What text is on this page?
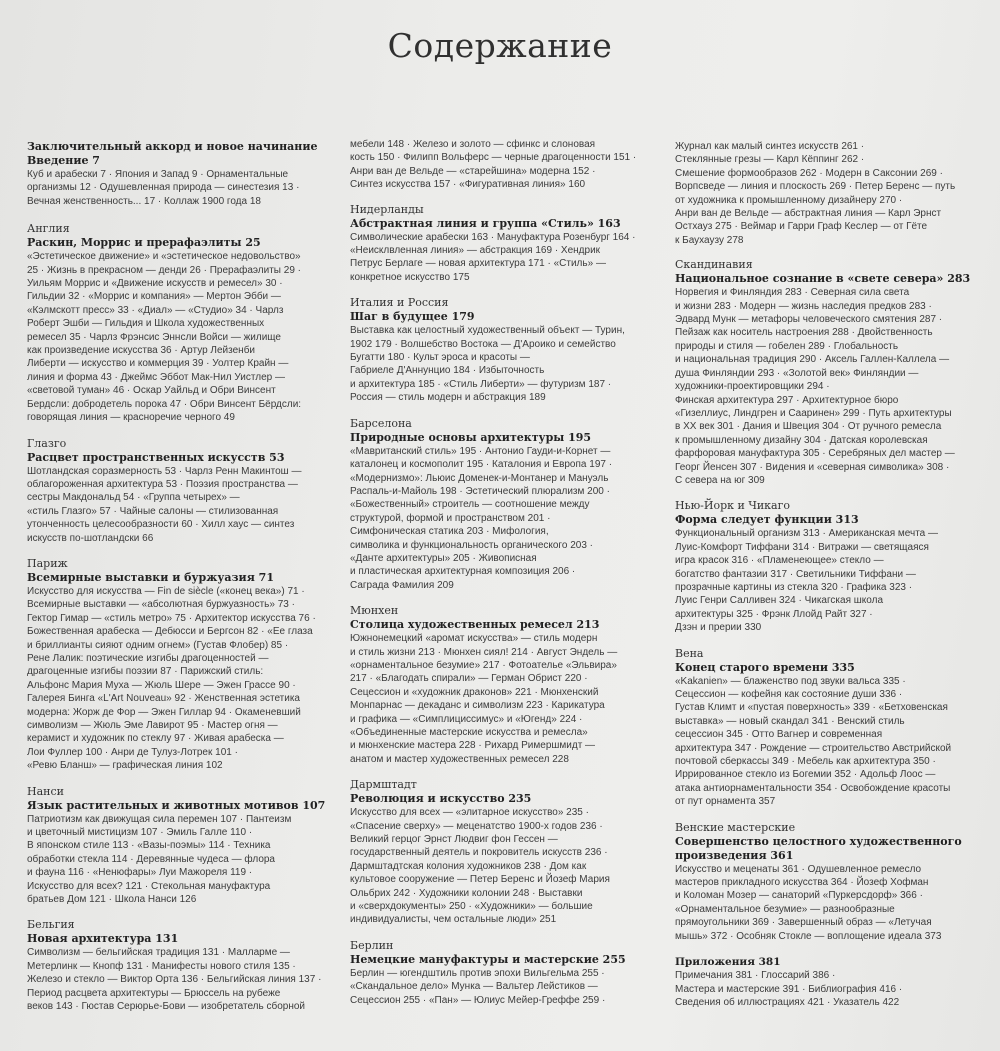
Содержание
Заключительный аккорд и новое начинание
Введение 7
Куб и арабески 7 · Япония и Запад 9 · Орнаментальные
организмы 12 · Одушевленная природа — синестезия 13 ·
Вечная женственность... 17 · Коллаж 1900 года 18
Англия
Раскин, Моррис и прерафаэлиты 25
«Эстетическое движение» и «эстетическое недовольство»
25 · Жизнь в прекрасном — денди 26 · Прерафаэлиты 29 ·
Уильям Моррис и «Движение искусств и ремесел» 30 ·
Гильдии 32 · «Моррис и компания» — Мертон Эбби —
«Кэлмскотт пресс» 33 · «Диал» — «Студио» 34 · Чарлз
Роберт Эшби — Гильдия и Школа художественных
ремесел 35 · Чарлз Фрэнсис Эннсли Войси — жилище
как произведение искусства 36 · Артур Лейзенби
Либерти — искусство и коммерция 39 · Уолтер Крайн —
линия и форма 43 · Джеймс Эббот Мак-Нил Уистлер —
«световой туман» 46 · Оскар Уайльд и Обри Винсент
Бердсли: добродетель порока 47 · Обри Винсент Бёрдсли:
говорящая линия — красноречие черного 49
Глазго
Расцвет пространственных искусств 53
Шотландская соразмерность 53 · Чарлз Ренн Макинтош —
облагороженная архитектура 53 · Поэзия пространства —
сестры Макдональд 54 · «Группа четырех» —
«стиль Глазго» 57 · Чайные салоны — стилизованная
утонченность целесообразности 60 · Хилл хаус — синтез
искусств по-шотландски 66
Париж
Всемирные выставки и буржуазия 71
Искусство для искусства — Fin de siècle («конец века») 71 ·
Всемирные выставки — «абсолютная буржуазность» 73 ·
Гектор Гимар — «стиль метро» 75 · Архитектор искусства 76 ·
Божественная арабеска — Дебюсси и Бергсон 82 · «Ее глаза
и бриллианты сияют одним огнем» (Густав Флобер) 85 ·
Рене Лалик: поэтические изгибы драгоценностей —
драгоценные изгибы поэзии 87 · Парижский стиль:
Альфонс Мария Муха — Жюль Шере — Эжен Грассе 90 ·
Галерея Бинга «L'Art Nouveau» 92 · Женственная эстетика
модерна: Жорж де Фор — Эжен Гиллар 94 · Окаменевший
символизм — Жюль Эме Лавирот 95 · Мастер огня —
керамист и художник по стеклу 97 · Живая арабеска —
Лои Фуллер 100 · Анри де Тулуз-Лотрек 101 ·
«Ревю Бланш» — графическая линия 102
Нанси
Язык растительных и животных мотивов 107
Патриотизм как движущая сила перемен 107 · Пантеизм
и цветочный мистицизм 107 · Эмиль Галле 110 ·
В японском стиле 113 · «Вазы-поэмы» 114 · Техника
обработки стекла 114 · Деревянные чудеса — флора
и фауна 116 · «Ненюфары» Луи Мажореля 119 ·
Искусство для всех? 121 · Стекольная мануфактура
братьев Дом 121 · Школа Нанси 126
Бельгия
Новая архитектура 131
Символизм — бельгийская традиция 131 · Малларме —
Метерлинк — Кнопф 131 · Манифесты нового стиля 135 ·
Железо и стекло — Виктор Орта 136 · Бельгийская линия 137 ·
Период расцвета архитектуры — Брюссель на рубеже
веков 143 · Гюстав Серюрье-Бови — изобретатель сборной
мебели 148 · Железо и золото — сфинкс и слоновая
кость 150 · Филипп Вольферс — черные драгоценности 151 ·
Анри ван де Вельде — «старейшина» модерна 152 ·
Синтез искусства 157 · «Фигуративная линия» 160
Нидерланды
Абстрактная линия и группа «Стиль» 163
Символические арабески 163 · Мануфактура Розенбург 164 ·
«Неисклвленная линия» — абстракция 169 · Хендрик
Петрус Берлаге — новая архитектура 171 · «Стиль» —
конкретное искусство 175
Италия и Россия
Шаг в будущее 179
Выставка как целостный художественный объект — Турин,
1902 179 · Волшебство Востока — Д'Ароико и семейство
Бугатти 180 · Культ эроса и красоты —
Габриеле Д'Аннунцио 184 · Избыточность
и архитектура 185 · «Стиль Либерти» — футуризм 187 ·
Россия — стиль модерн и абстракция 189
Барселона
Природные основы архитектуры 195
«Мавританский стиль» 195 · Антонио Гауди-и-Корнет —
каталонец и космополит 195 · Каталония и Европа 197 ·
«Модернизмо»: Льюис Доменек-и-Монтанер и Мануэль
Распаль-и-Майоль 198 · Эстетический плюрализм 200 ·
«Божественный» строитель — соотношение между
структурой, формой и пространством 201 ·
Симфоническая статика 203 · Мифология,
символика и функциональность органического 203 ·
«Данте архитектуры» 205 · Живописная
и пластическая архитектурная композиция 206 ·
Саграда Фамилия 209
Мюнхен
Столица художественных ремесел 213
Южнонемецкий «аромат искусства» — стиль модерн
и стиль жизни 213 · Мюнхен сиял! 214 · Август Эндель —
«орнаментальное безумие» 217 · Фотоателье «Эльвира»
217 · «Благодать спирали» — Герман Обрист 220 ·
Сецессион и «художник драконов» 221 · Мюнхенский
Монпарнас — декаданс и символизм 223 · Карикатура
и графика — «Симплициссимус» и «Югенд» 224 ·
«Объединенные мастерские искусства и ремесла»
и мюнхенские мастера 228 · Рихард Римершмидт —
анатом и мастер художественных ремесел 228
Дармштадт
Революция и искусство 235
Искусство для всех — «элитарное искусство» 235 ·
«Спасение сверху» — меценатство 1900-х годов 236 ·
Великий герцог Эрнст Людвиг фон Гессен —
государственный деятель и покровитель искусств 236 ·
Дармштадтская колония художников 238 · Дом как
культовое сооружение — Петер Беренс и Йозеф Мария
Ольбрих 242 · Художники колонии 248 · Выставки
и «сверхдокументы» 250 · «Художники» — большие
индивидуалисты, чем остальные люди» 251
Берлин
Немецкие мануфактуры и мастерские 255
Берлин — югендштиль против эпохи Вильгельма 255 ·
«Скандальное дело» Мунка — Вальтер Лейстиков —
Сецессион 255 · «Пан» — Юлиус Мейер-Греффе 259 ·
Журнал как малый синтез искусств 261 ·
Стеклянные грезы — Карл Кёппинг 262 ·
Смешение формообразов 262 · Модерн в Саксонии 269 ·
Ворпсведе — линия и плоскость 269 · Петер Беренс — путь
от художника к промышленному дизайнеру 270 ·
Анри ван де Вельде — абстрактная линия — Карл Эрнст
Остхауз 275 · Веймар и Гарри Граф Кеслер — от Гёте
к Баухаузу 278
Скандинавия
Национальное сознание в «свете севера» 283
Норвегия и Финляндия 283 · Северная сила света
и жизни 283 · Модерн — жизнь наследия предков 283 ·
Эдвард Мунк — метафоры человеческого смятения 287 ·
Пейзаж как носитель настроения 288 · Двойственность
природы и стиля — гобелен 289 · Глобальность
и национальная традиция 290 · Аксель Галлен-Каллела —
душа Финляндии 293 · «Золотой век» Финляндии —
художники-проектировщики 294 ·
Финская архитектура 297 · Архитектурное бюро
«Гизеллиус, Линдгрен и Сааринен» 299 · Путь архитектуры
в XX век 301 · Дания и Швеция 304 · От ручного ремесла
к промышленному дизайну 304 · Датская королевская
фарфоровая мануфактура 305 · Серебряных дел мастер —
Георг Йенсен 307 · Видения и «северная символика» 308 ·
С севера на юг 309
Нью-Йорк и Чикаго
Форма следует функции 313
Функциональный организм 313 · Американская мечта —
Луис-Комфорт Тиффани 314 · Витражи — светящаяся
игра красок 316 · «Пламенеющее» стекло —
богатство фантазии 317 · Светильники Тиффани —
прозрачные картины из стекла 320 · Графика 323 ·
Луис Генри Салливен 324 · Чикагская школа
архитектуры 325 · Фрэнк Ллойд Райт 327 ·
Дзэн и прерии 330
Вена
Конец старого времени 335
«Kakanien» — блаженство под звуки вальса 335 ·
Сецессион — кофейня как состояние души 336 ·
Густав Климт и «пустая поверхность» 339 · «Бетховенская
выставка» — новый скандал 341 · Венский стиль
сецессион 345 · Отто Вагнер и современная
архитектура 347 · Рождение — строительство Австрийской
почтовой сберкассы 349 · Мебель как архитектура 350 ·
Иррированное стекло из Богемии 352 · Адольф Лоос —
атака антиорнаментальности 354 · Освобождение красоты
от пут орнамента 357
Венские мастерские
Совершенство целостного художественного
произведения 361
Искусство и меценаты 361 · Одушевленное ремесло
мастеров прикладного искусства 364 · Йозеф Хофман
и Коломан Мозер — санаторий «Пуркерсдорф» 366 ·
«Орнаментальное безумие» — разнообразные
прямоугольники 369 · Завершенный образ — «Летучая
мышь» 372 · Особняк Стокле — воплощение идеала 373
Приложения 381
Примечания 381 · Глоссарий 386 ·
Мастера и мастерские 391 · Библиография 416 ·
Сведения об иллюстрациях 421 · Указатель 422
